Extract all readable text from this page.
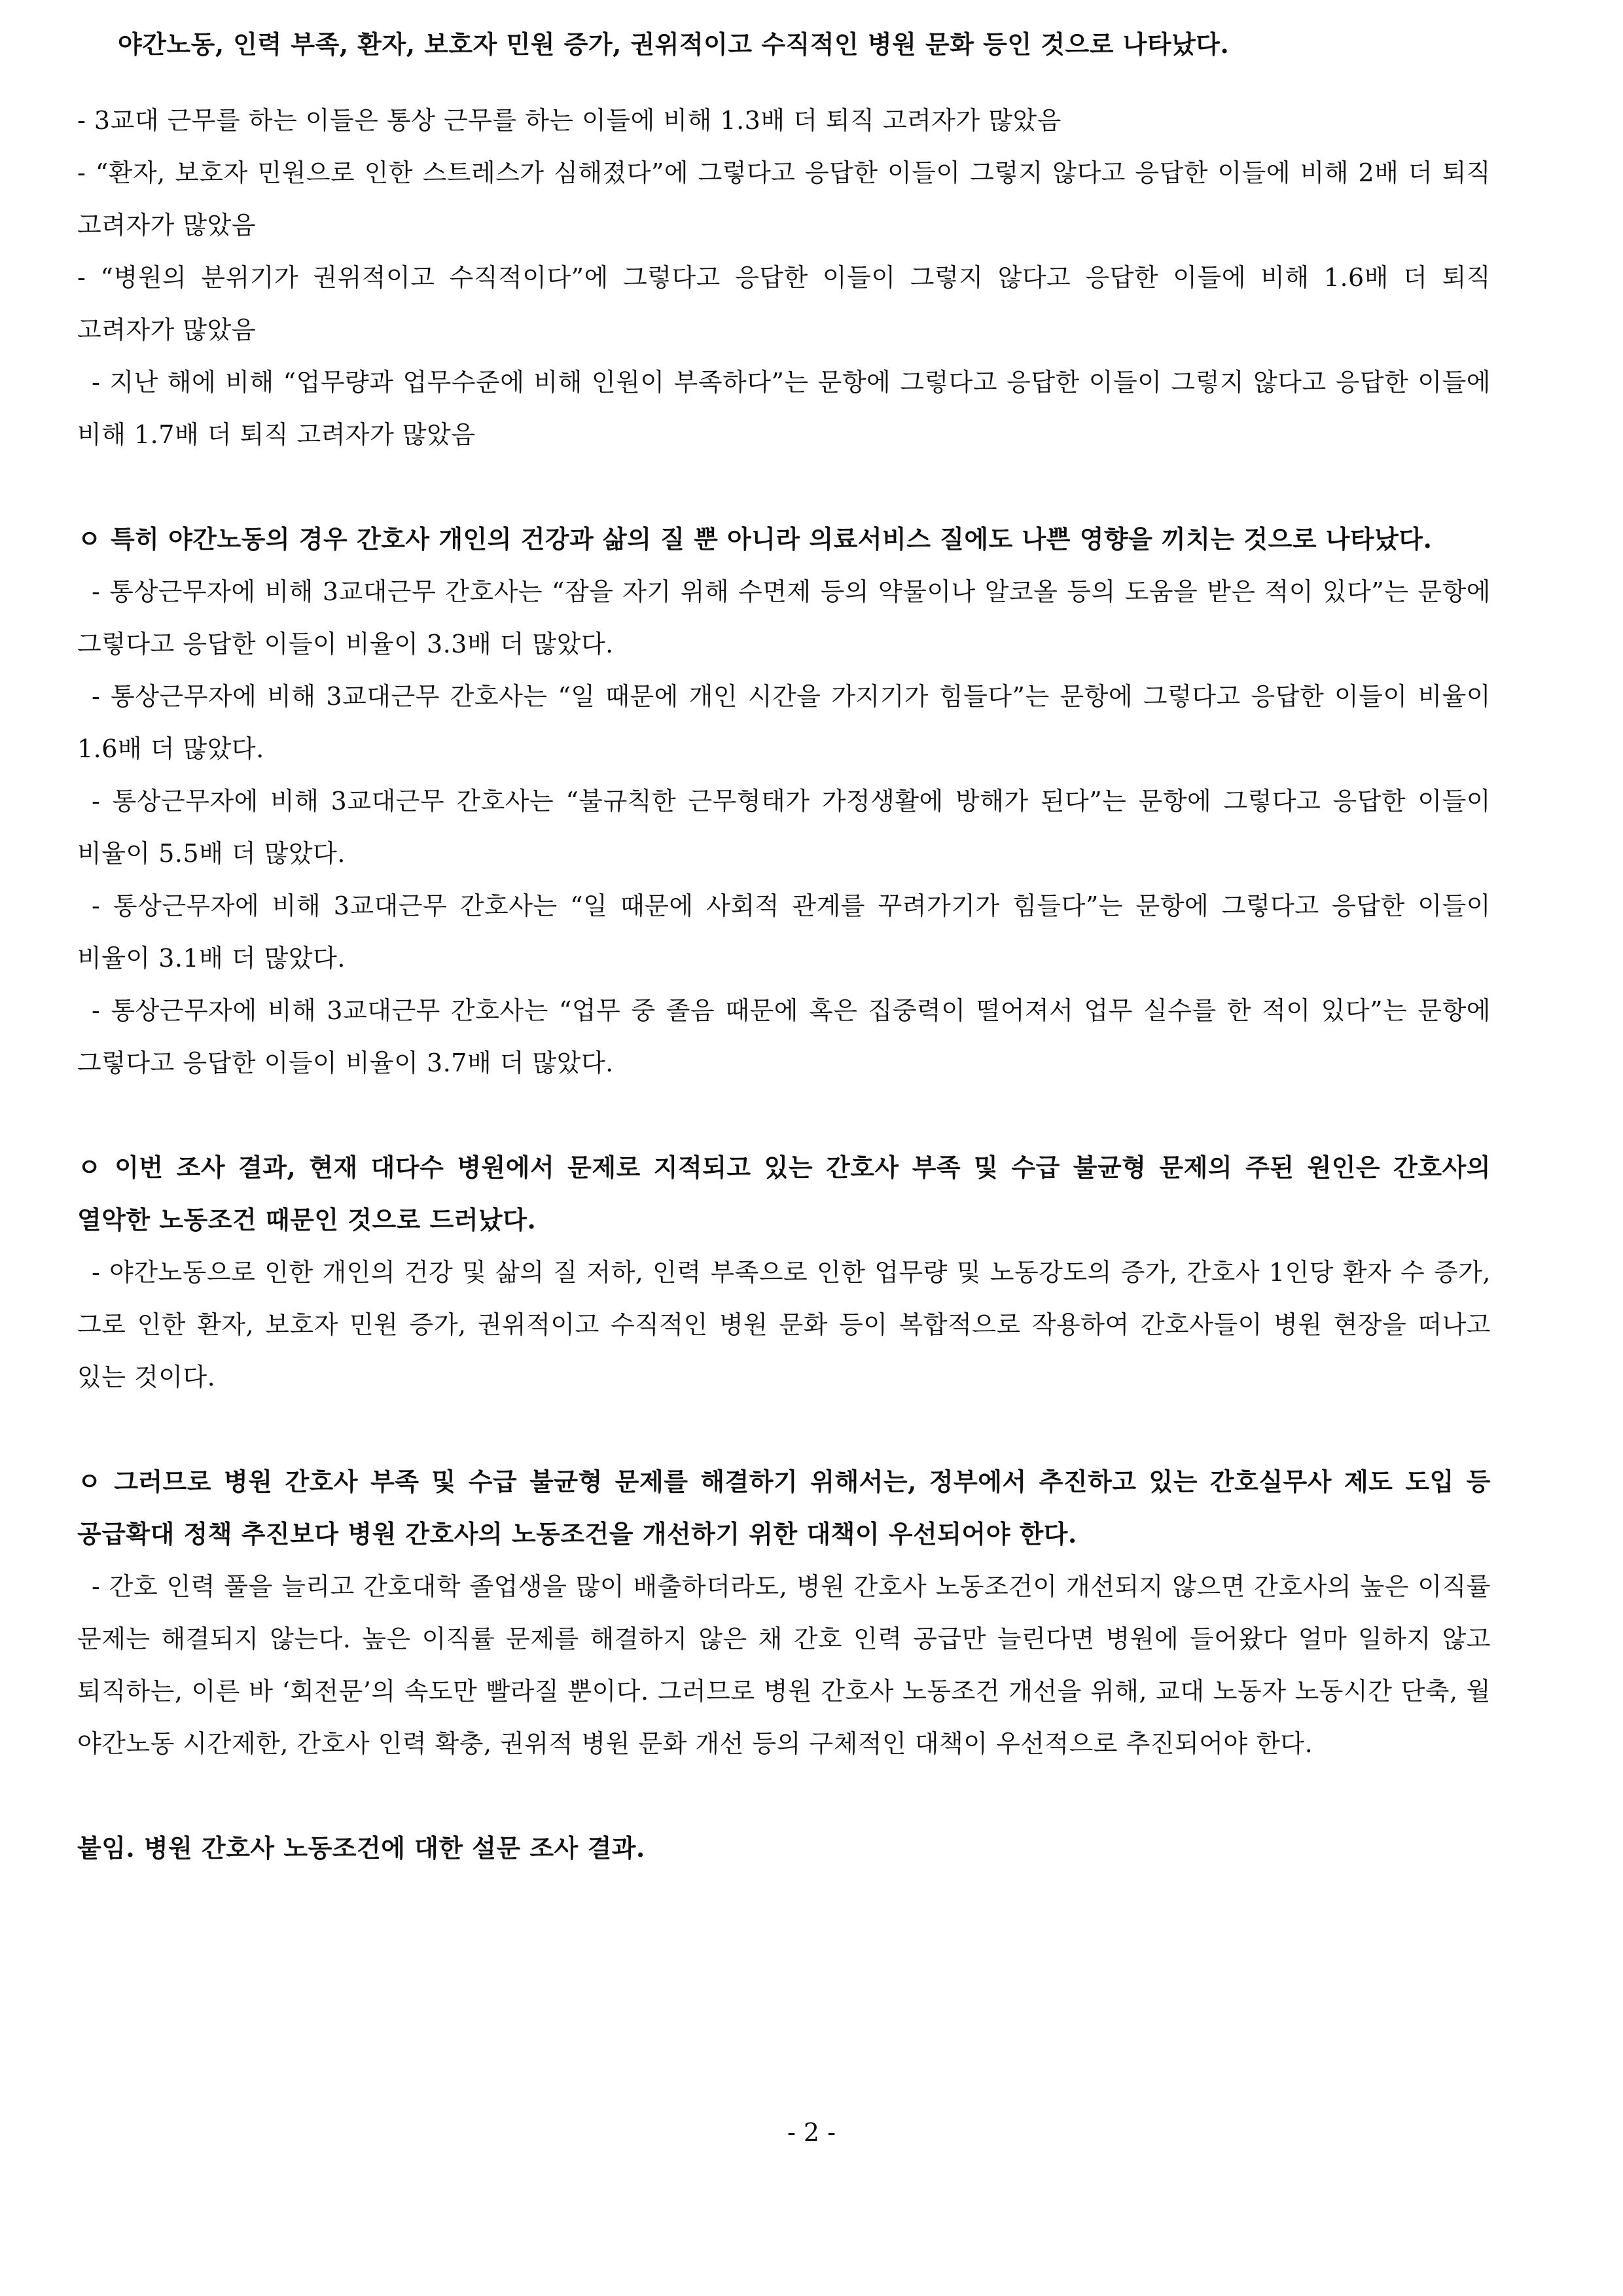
야간노동, 인력 부족, 환자, 보호자 민원 증가, 권위적이고 수직적인 병원 문화 등인 것으로 나타났다.

- 3교대 근무를 하는 이들은 통상 근무를 하는 이들에 비해 1.3배 더 퇴직 고려자가 많았음

- “환자, 보호자 민원으로 인한 스트레스가 심해졌다”에 그렇다고 응답한 이들이 그렇지 않다고 응답한 이들에 비해 2배 더 퇴직 고려자가 많았음

- “병원의 분위기가 권위적이고 수직적이다”에 그렇다고 응답한 이들이 그렇지 않다고 응답한 이들에 비해 1.6배 더 퇴직 고려자가 많았음

- 지난 해에 비해 “업무량과 업무수준에 비해 인원이 부족하다”는 문항에 그렇다고 응답한 이들이 그렇지 않다고 응답한 이들에 비해 1.7배 더 퇴직 고려자가 많았음

ㅇ 특히 야간노동의 경우 간호사 개인의 건강과 삶의 질 뿐 아니라 의료서비스 질에도 나쁜 영향을 끼치는 것으로 나타났다.

- 통상근무자에 비해 3교대근무 간호사는 “잠을 자기 위해 수면제 등의 약물이나 알코올 등의 도움을 받은 적이 있다”는 문항에 그렇다고 응답한 이들이 비율이 3.3배 더 많았다.

- 통상근무자에 비해 3교대근무 간호사는 “일 때문에 개인 시간을 가지기가 힘들다”는 문항에 그렇다고 응답한 이들이 비율이 1.6배 더 많았다.

- 통상근무자에 비해 3교대근무 간호사는 “불규칙한 근무형태가 가정생활에 방해가 된다”는 문항에 그렇다고 응답한 이들이 비율이 5.5배 더 많았다.

- 통상근무자에 비해 3교대근무 간호사는 “일 때문에 사회적 관계를 꾸려가기가 힘들다”는 문항에 그렇다고 응답한 이들이 비율이 3.1배 더 많았다.

- 통상근무자에 비해 3교대근무 간호사는 “업무 중 졸음 때문에 혹은 집중력이 떨어져서 업무 실수를 한 적이 있다”는 문항에 그렇다고 응답한 이들이 비율이 3.7배 더 많았다.

ㅇ 이번 조사 결과, 현재 대다수 병원에서 문제로 지적되고 있는 간호사 부족 및 수급 불균형 문제의 주된 원인은 간호사의 열악한 노동조건 때문인 것으로 드러났다.

- 야간노동으로 인한 개인의 건강 및 삶의 질 저하, 인력 부족으로 인한 업무량 및 노동강도의 증가, 간호사 1인당 환자 수 증가, 그로 인한 환자, 보호자 민원 증가, 권위적이고 수직적인 병원 문화 등이 복합적으로 작용하여 간호사들이 병원 현장을 떠나고 있는 것이다.

ㅇ 그러므로 병원 간호사 부족 및 수급 불균형 문제를 해결하기 위해서는, 정부에서 추진하고 있는 간호실무사 제도 도입 등 공급확대 정책 추진보다 병원 간호사의 노동조건을 개선하기 위한 대책이 우선되어야 한다.

- 간호 인력 풀을 늘리고 간호대학 졸업생을 많이 배출하더라도, 병원 간호사 노동조건이 개선되지 않으면 간호사의 높은 이직률 문제는 해결되지 않는다. 높은 이직률 문제를 해결하지 않은 채 간호 인력 공급만 늘린다면 병원에 들어왔다 얼마 일하지 않고 퇴직하는, 이른 바 ‘회전문’의 속도만 빨라질 뿐이다. 그러므로 병원 간호사 노동조건 개선을 위해, 교대 노동자 노동시간 단축, 월 야간노동 시간제한, 간호사 인력 확충, 권위적 병원 문화 개선 등의 구체적인 대책이 우선적으로 추진되어야 한다.

붙임. 병원 간호사 노동조건에 대한 설문 조사 결과.

- 2 -
